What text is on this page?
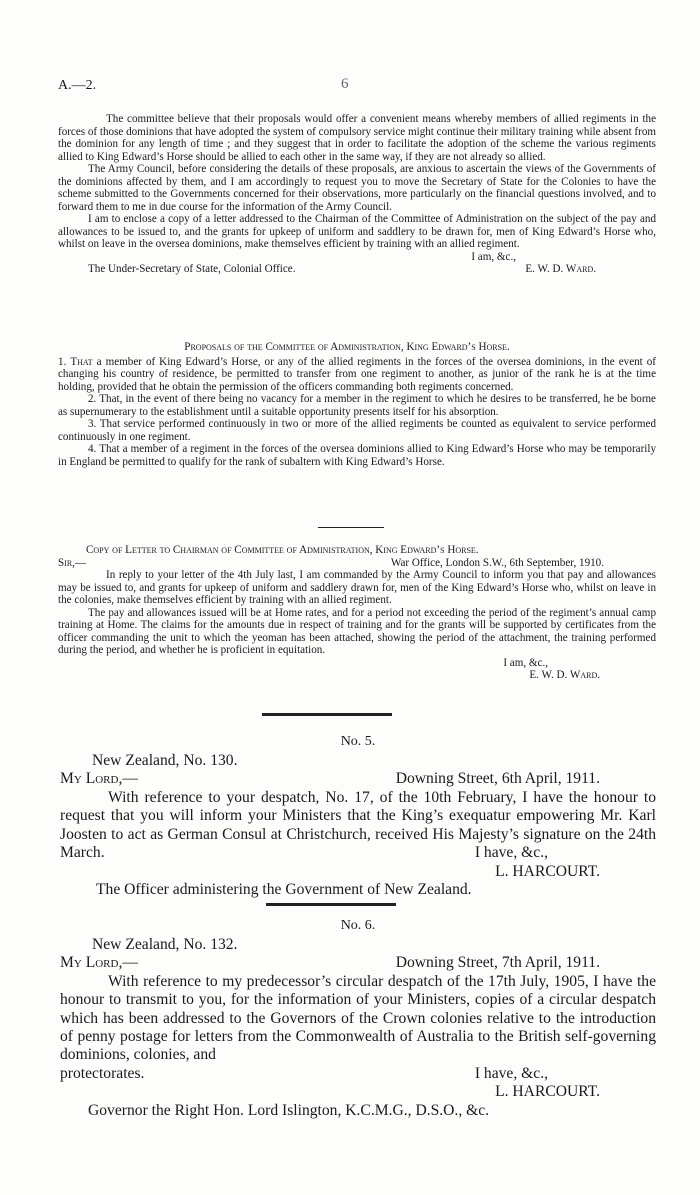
A.—2.	6

The committee believe that their proposals would offer a convenient means whereby members of allied regiments in the forces of those dominions that have adopted the system of compulsory service might continue their military training while absent from the dominion for any length of time ; and they suggest that in order to facilitate the adoption of the scheme the various regiments allied to King Edward’s Horse should be allied to each other in the same way, if they are not already so allied.

The Army Council, before considering the details of these proposals, are anxious to ascertain the views of the Governments of the dominions affected by them, and I am accordingly to request you to move the Secretary of State for the Colonies to have the scheme submitted to the Governments concerned for their observations, more particularly on the financial questions involved, and to forward them to me in due course for the information of the Army Council.

I am to enclose a copy of a letter addressed to the Chairman of the Committee of Administration on the subject of the pay and allowances to be issued to, and the grants for upkeep of uniform and saddlery to be drawn for, men of King Edward’s Horse who, whilst on leave in the oversea dominions, make themselves efficient by training with an allied regiment.

I am, &c.,
The Under-Secretary of State, Colonial Office.	E. W. D. Ward.
Proposals of the Committee of Administration, King Edward’s Horse.

1. That a member of King Edward’s Horse, or any of the allied regiments in the forces of the oversea dominions, in the event of changing his country of residence, be permitted to transfer from one regiment to another, as junior of the rank he is at the time holding, provided that he obtain the permission of the officers commanding both regiments concerned.

2. That, in the event of there being no vacancy for a member in the regiment to which he desires to be transferred, he be borne as supernumerary to the establishment until a suitable opportunity presents itself for his absorption.

3. That service performed continuously in two or more of the allied regiments be counted as equivalent to service performed continuously in one regiment.

4. That a member of a regiment in the forces of the oversea dominions allied to King Edward’s Horse who may be temporarily in England be permitted to qualify for the rank of subaltern with King Edward’s Horse.

Copy of Letter to Chairman of Committee of Administration, King Edward’s Horse.
Sir,—	War Office, London S.W., 6th September, 1910.

In reply to your letter of the 4th July last, I am commanded by the Army Council to inform you that pay and allowances may be issued to, and grants for upkeep of uniform and saddlery drawn for, men of the King Edward’s Horse who, whilst on leave in the colonies, make themselves efficient by training with an allied regiment.

The pay and allowances issued will be at Home rates, and for a period not exceeding the period of the regiment’s annual camp training at Home. The claims for the amounts due in respect of training and for the grants will be supported by certificates from the officer commanding the unit to which the yeoman has been attached, showing the period of the attachment, the training performed during the period, and whether he is proficient in equitation.

I am, &c.,
E. W. D. Ward.
No. 5.
New Zealand, No. 130.
My Lord,—	Downing Street, 6th April, 1911.

With reference to your despatch, No. 17, of the 10th February, I have the honour to request that you will inform your Ministers that the King’s exequatur empowering Mr. Karl Joosten to act as German Consul at Christchurch, received His Majesty’s signature on the 24th March.	I have, &c.,
L. HARCOURT.
The Officer administering the Government of New Zealand.
No. 6.
New Zealand, No. 132.
My Lord,—	Downing Street, 7th April, 1911.

With reference to my predecessor’s circular despatch of the 17th July, 1905, I have the honour to transmit to you, for the information of your Ministers, copies of a circular despatch which has been addressed to the Governors of the Crown colonies relative to the introduction of penny postage for letters from the Commonwealth of Australia to the British self-governing dominions, colonies, and

protectorates.	I have, &c.,
L. HARCOURT.
Governor the Right Hon. Lord Islington, K.C.M.G., D.S.O., &c.
